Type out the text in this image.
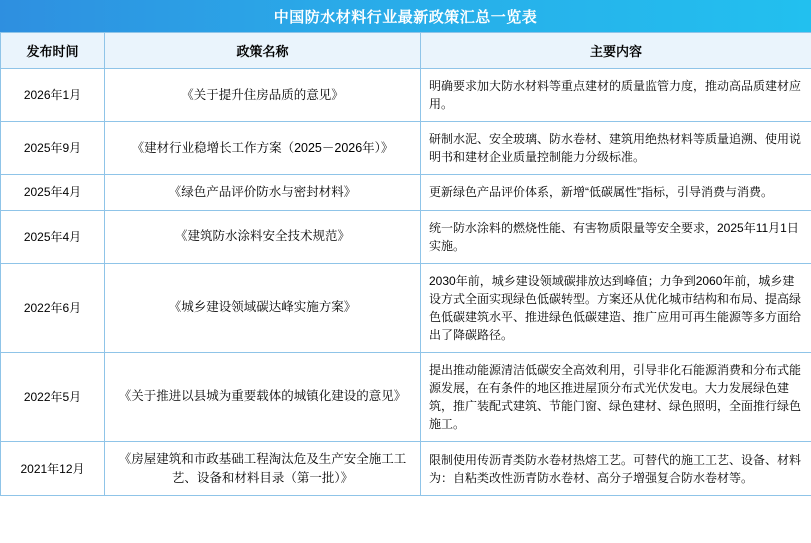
中国防水材料行业最新政策汇总一览表
发布时间	政策名称	主要内容
2026年1月	《关于提升住房品质的意见》	明确要求加大防水材料等重点建材的质量监管力度，推动高品质建材应用。
2025年9月	《建材行业稳增长工作方案（2025－2026年）》	研制水泥、安全玻璃、防水卷材、建筑用绝热材料等质量追溯、使用说明书和建材企业质量控制能力分级标准。
2025年4月	《绿色产品评价防水与密封材料》	更新绿色产品评价体系，新增“低碳属性”指标，引导消费与消费。
2025年4月	《建筑防水涂料安全技术规范》	统一防水涂料的燃烧性能、有害物质限量等安全要求，2025年11月1日实施。
2022年6月	《城乡建设领域碳达峰实施方案》	2030年前，城乡建设领域碳排放达到峰值；力争到2060年前，城乡建设方式全面实现绿色低碳转型。方案还从优化城市结构和布局、提高绿色低碳建筑水平、推进绿色低碳建造、推广应用可再生能源等多方面给出了降碳路径。
2022年5月	《关于推进以县城为重要载体的城镇化建设的意见》	提出推动能源清洁低碳安全高效利用，引导非化石能源消费和分布式能源发展，在有条件的地区推进屋顶分布式光伏发电。大力发展绿色建筑，推广装配式建筑、节能门窗、绿色建材、绿色照明，全面推行绿色施工。
2021年12月	《房屋建筑和市政基础工程淘汰危及生产安全施工工艺、设备和材料目录（第一批）》	限制使用传沥青类防水卷材热熔工艺。可替代的施工工艺、设备、材料为：自粘类改性沥青防水卷材、高分子增强复合防水卷材等。
